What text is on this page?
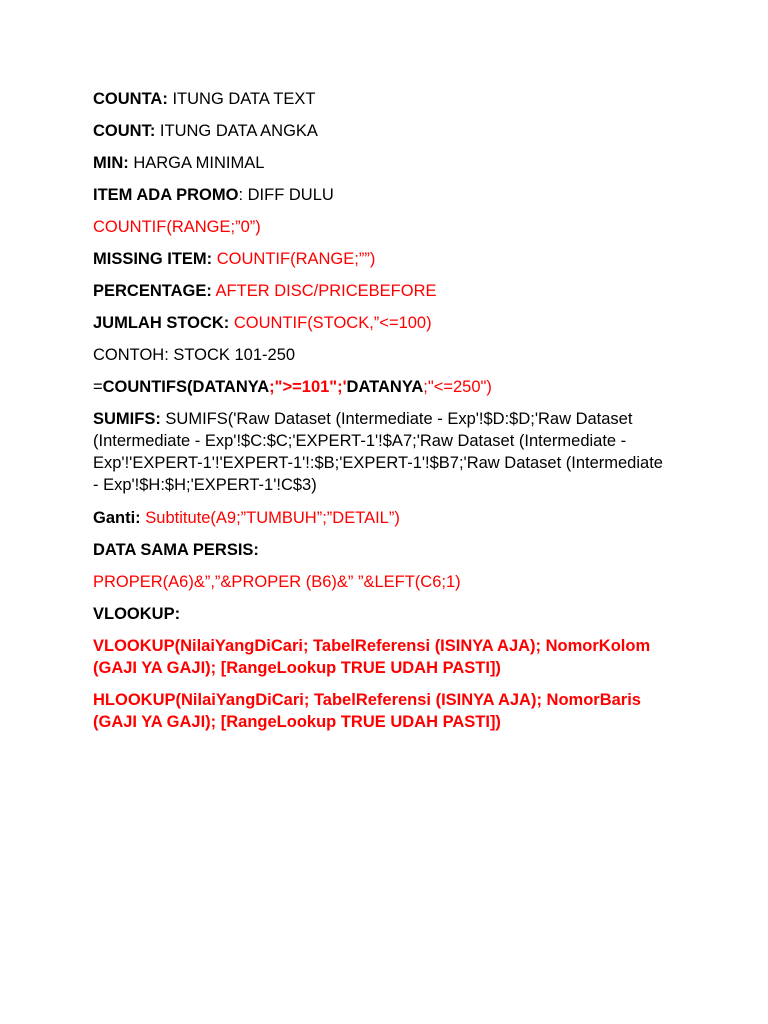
COUNTA: ITUNG DATA TEXT
COUNT: ITUNG DATA ANGKA
MIN: HARGA MINIMAL
ITEM ADA PROMO: DIFF DULU
COUNTIF(RANGE;”0”)
MISSING ITEM: COUNTIF(RANGE;””)
PERCENTAGE: AFTER DISC/PRICEBEFORE
JUMLAH STOCK: COUNTIF(STOCK,”<=100)
CONTOH: STOCK 101-250
=COUNTIFS(DATANYA;">=101";'DATANYA;"<=250")
SUMIFS: SUMIFS('Raw Dataset (Intermediate - Exp'!$D:$D;'Raw Dataset (Intermediate - Exp'!$C:$C;'EXPERT-1'!$A7;'Raw Dataset (Intermediate - Exp'!'EXPERT-1'!'EXPERT-1'!:$B;'EXPERT-1'!$B7;'Raw Dataset (Intermediate - Exp'!$H:$H;'EXPERT-1'!C$3)
Ganti: Subtitute(A9;”TUMBUH”;”DETAIL”)
DATA SAMA PERSIS:
PROPER(A6)&”,”&PROPER (B6)&” ”&LEFT(C6;1)
VLOOKUP:
VLOOKUP(NilaiYangDiCari; TabelReferensi (ISINYA AJA); NomorKolom (GAJI YA GAJI); [RangeLookup TRUE UDAH PASTI])
HLOOKUP(NilaiYangDiCari; TabelReferensi (ISINYA AJA); NomorBaris (GAJI YA GAJI); [RangeLookup TRUE UDAH PASTI])
